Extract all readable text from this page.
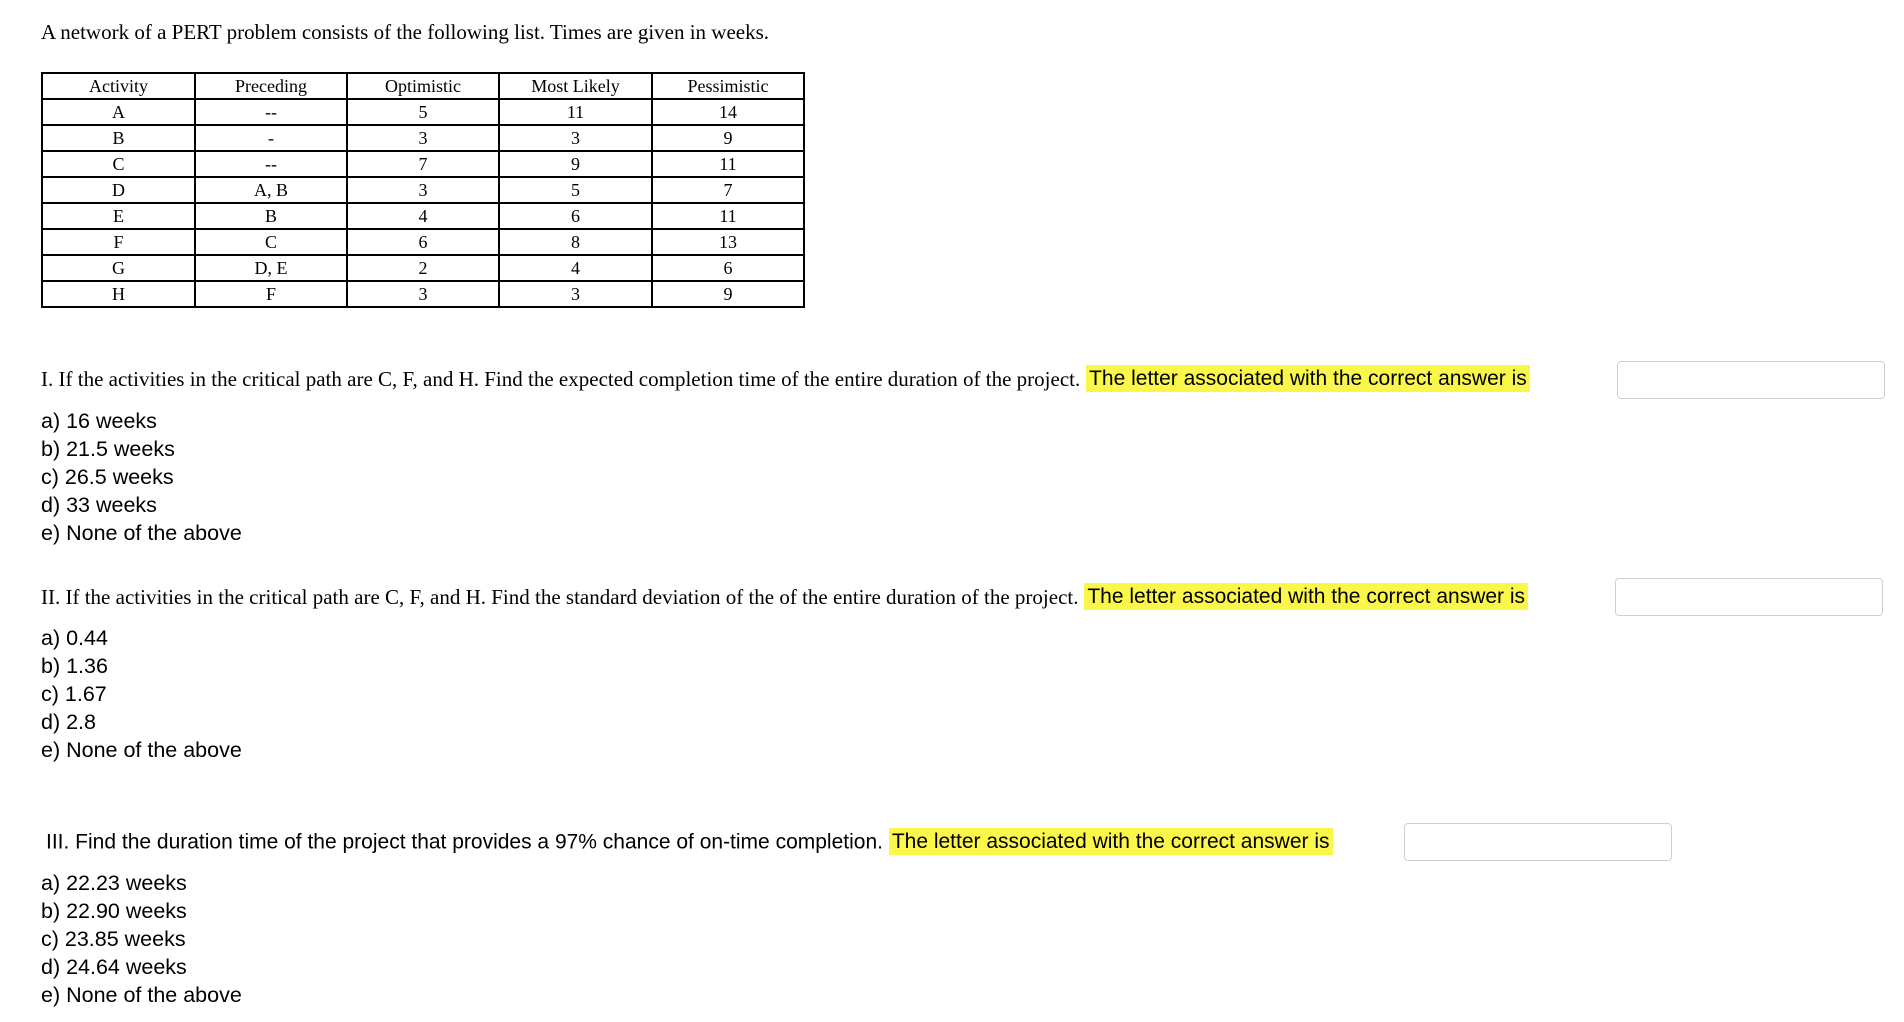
A network of a PERT problem consists of the following list. Times are given in weeks.
Activity	Preceding	Optimistic	Most Likely	Pessimistic
A	--	5	11	14
B	-	3	3	9
C	--	7	9	11
D	A, B	3	5	7
E	B	4	6	11
F	C	6	8	13
G	D, E	2	4	6
H	F	3	3	9
I. If the activities in the critical path are C, F, and H. Find the expected completion time of the entire duration of the project. The letter associated with the correct answer is
a) 16 weeks
b) 21.5 weeks
c) 26.5 weeks
d) 33 weeks
e) None of the above
II. If the activities in the critical path are C, F, and H. Find the standard deviation of the of the entire duration of the project. The letter associated with the correct answer is
a) 0.44
b) 1.36
c) 1.67
d) 2.8
e) None of the above
III. Find the duration time of the project that provides a 97% chance of on-time completion. The letter associated with the correct answer is
a) 22.23 weeks
b) 22.90 weeks
c) 23.85 weeks
d) 24.64 weeks
e) None of the above
